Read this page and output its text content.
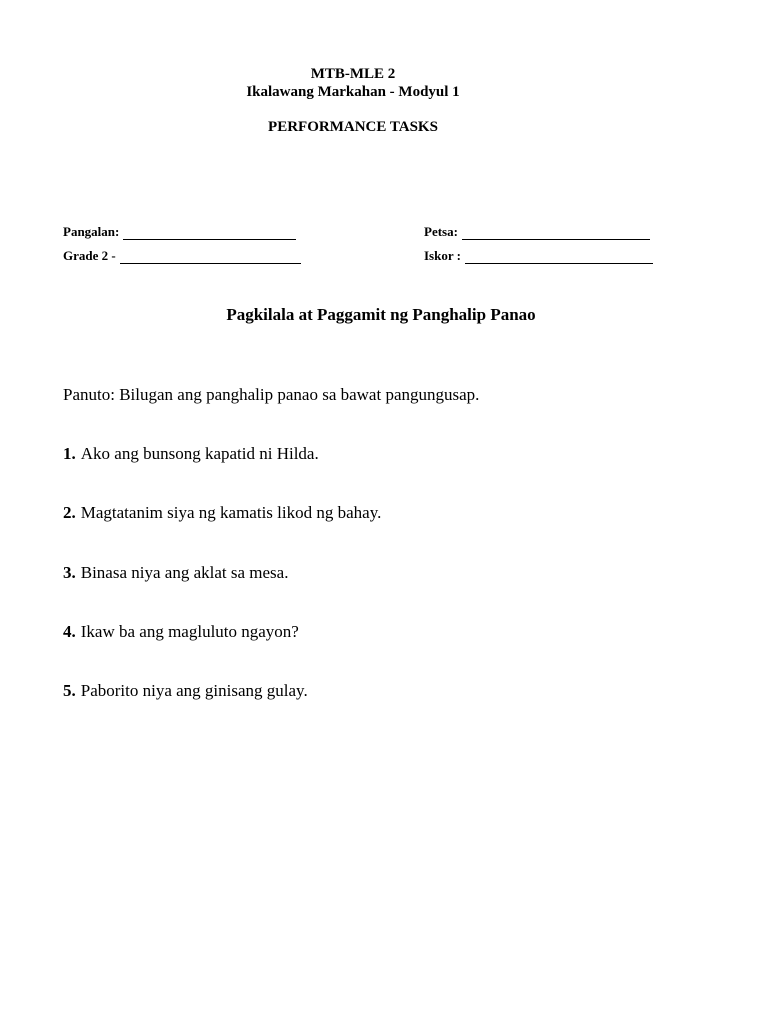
MTB-MLE 2
Ikalawang Markahan - Modyul 1
PERFORMANCE TASKS
Pangalan:
Grade 2 -
Petsa:
Iskor :
Pagkilala at Paggamit ng Panghalip Panao
Panuto: Bilugan ang panghalip panao sa bawat pangungusap.
1. Ako ang bunsong kapatid ni Hilda.
2. Magtatanim siya ng kamatis likod ng bahay.
3. Binasa niya ang aklat sa mesa.
4. Ikaw ba ang magluluto ngayon?
5. Paborito niya ang ginisang gulay.
